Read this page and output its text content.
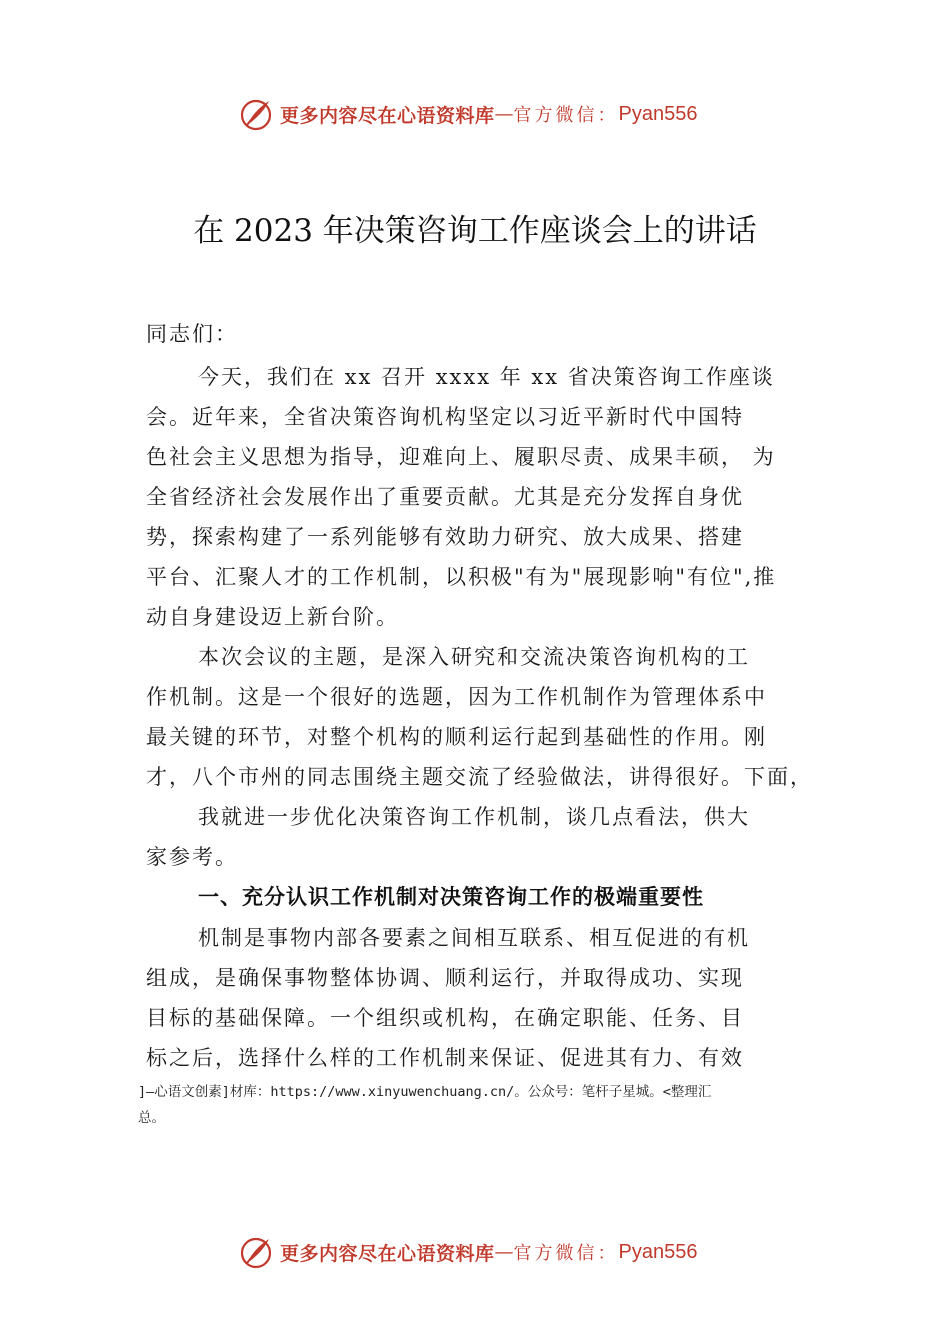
更多内容尽在心语资料库 — 官方微信： Pyan556
在 2023 年决策咨询工作座谈会上的讲话
同志们：
今天，我们在 xx 召开 xxxx 年 xx 省决策咨询工作座谈
会。近年来，全省决策咨询机构坚定以习近平新时代中国特
色社会主义思想为指导，迎难向上、履职尽责、成果丰硕， 为
全省经济社会发展作出了重要贡献。尤其是充分发挥自身优
势，探索构建了一系列能够有效助力研究、放大成果、搭建
平台、汇聚人才的工作机制，以积极"有为"展现影响"有位",推
动自身建设迈上新台阶。
本次会议的主题，是深入研究和交流决策咨询机构的工
作机制。这是一个很好的选题，因为工作机制作为管理体系中
最关键的环节，对整个机构的顺利运行起到基础性的作用。刚
才，八个市州的同志围绕主题交流了经验做法，讲得很好。下面，
我就进一步优化决策咨询工作机制，谈几点看法，供大
家参考。
一、充分认识工作机制对决策咨询工作的极端重要性
机制是事物内部各要素之间相互联系、相互促进的有机
组成，是确保事物整体协调、顺利运行，并取得成功、实现
目标的基础保障。一个组织或机构，在确定职能、任务、目
标之后，选择什么样的工作机制来保证、促进其有力、有效
]—心语文创素]材库：https://www.xinyuwenchuang.cn/。公众号：笔杆子星城。<整理汇
总。
更多内容尽在心语资料库 — 官方微信： Pyan556
